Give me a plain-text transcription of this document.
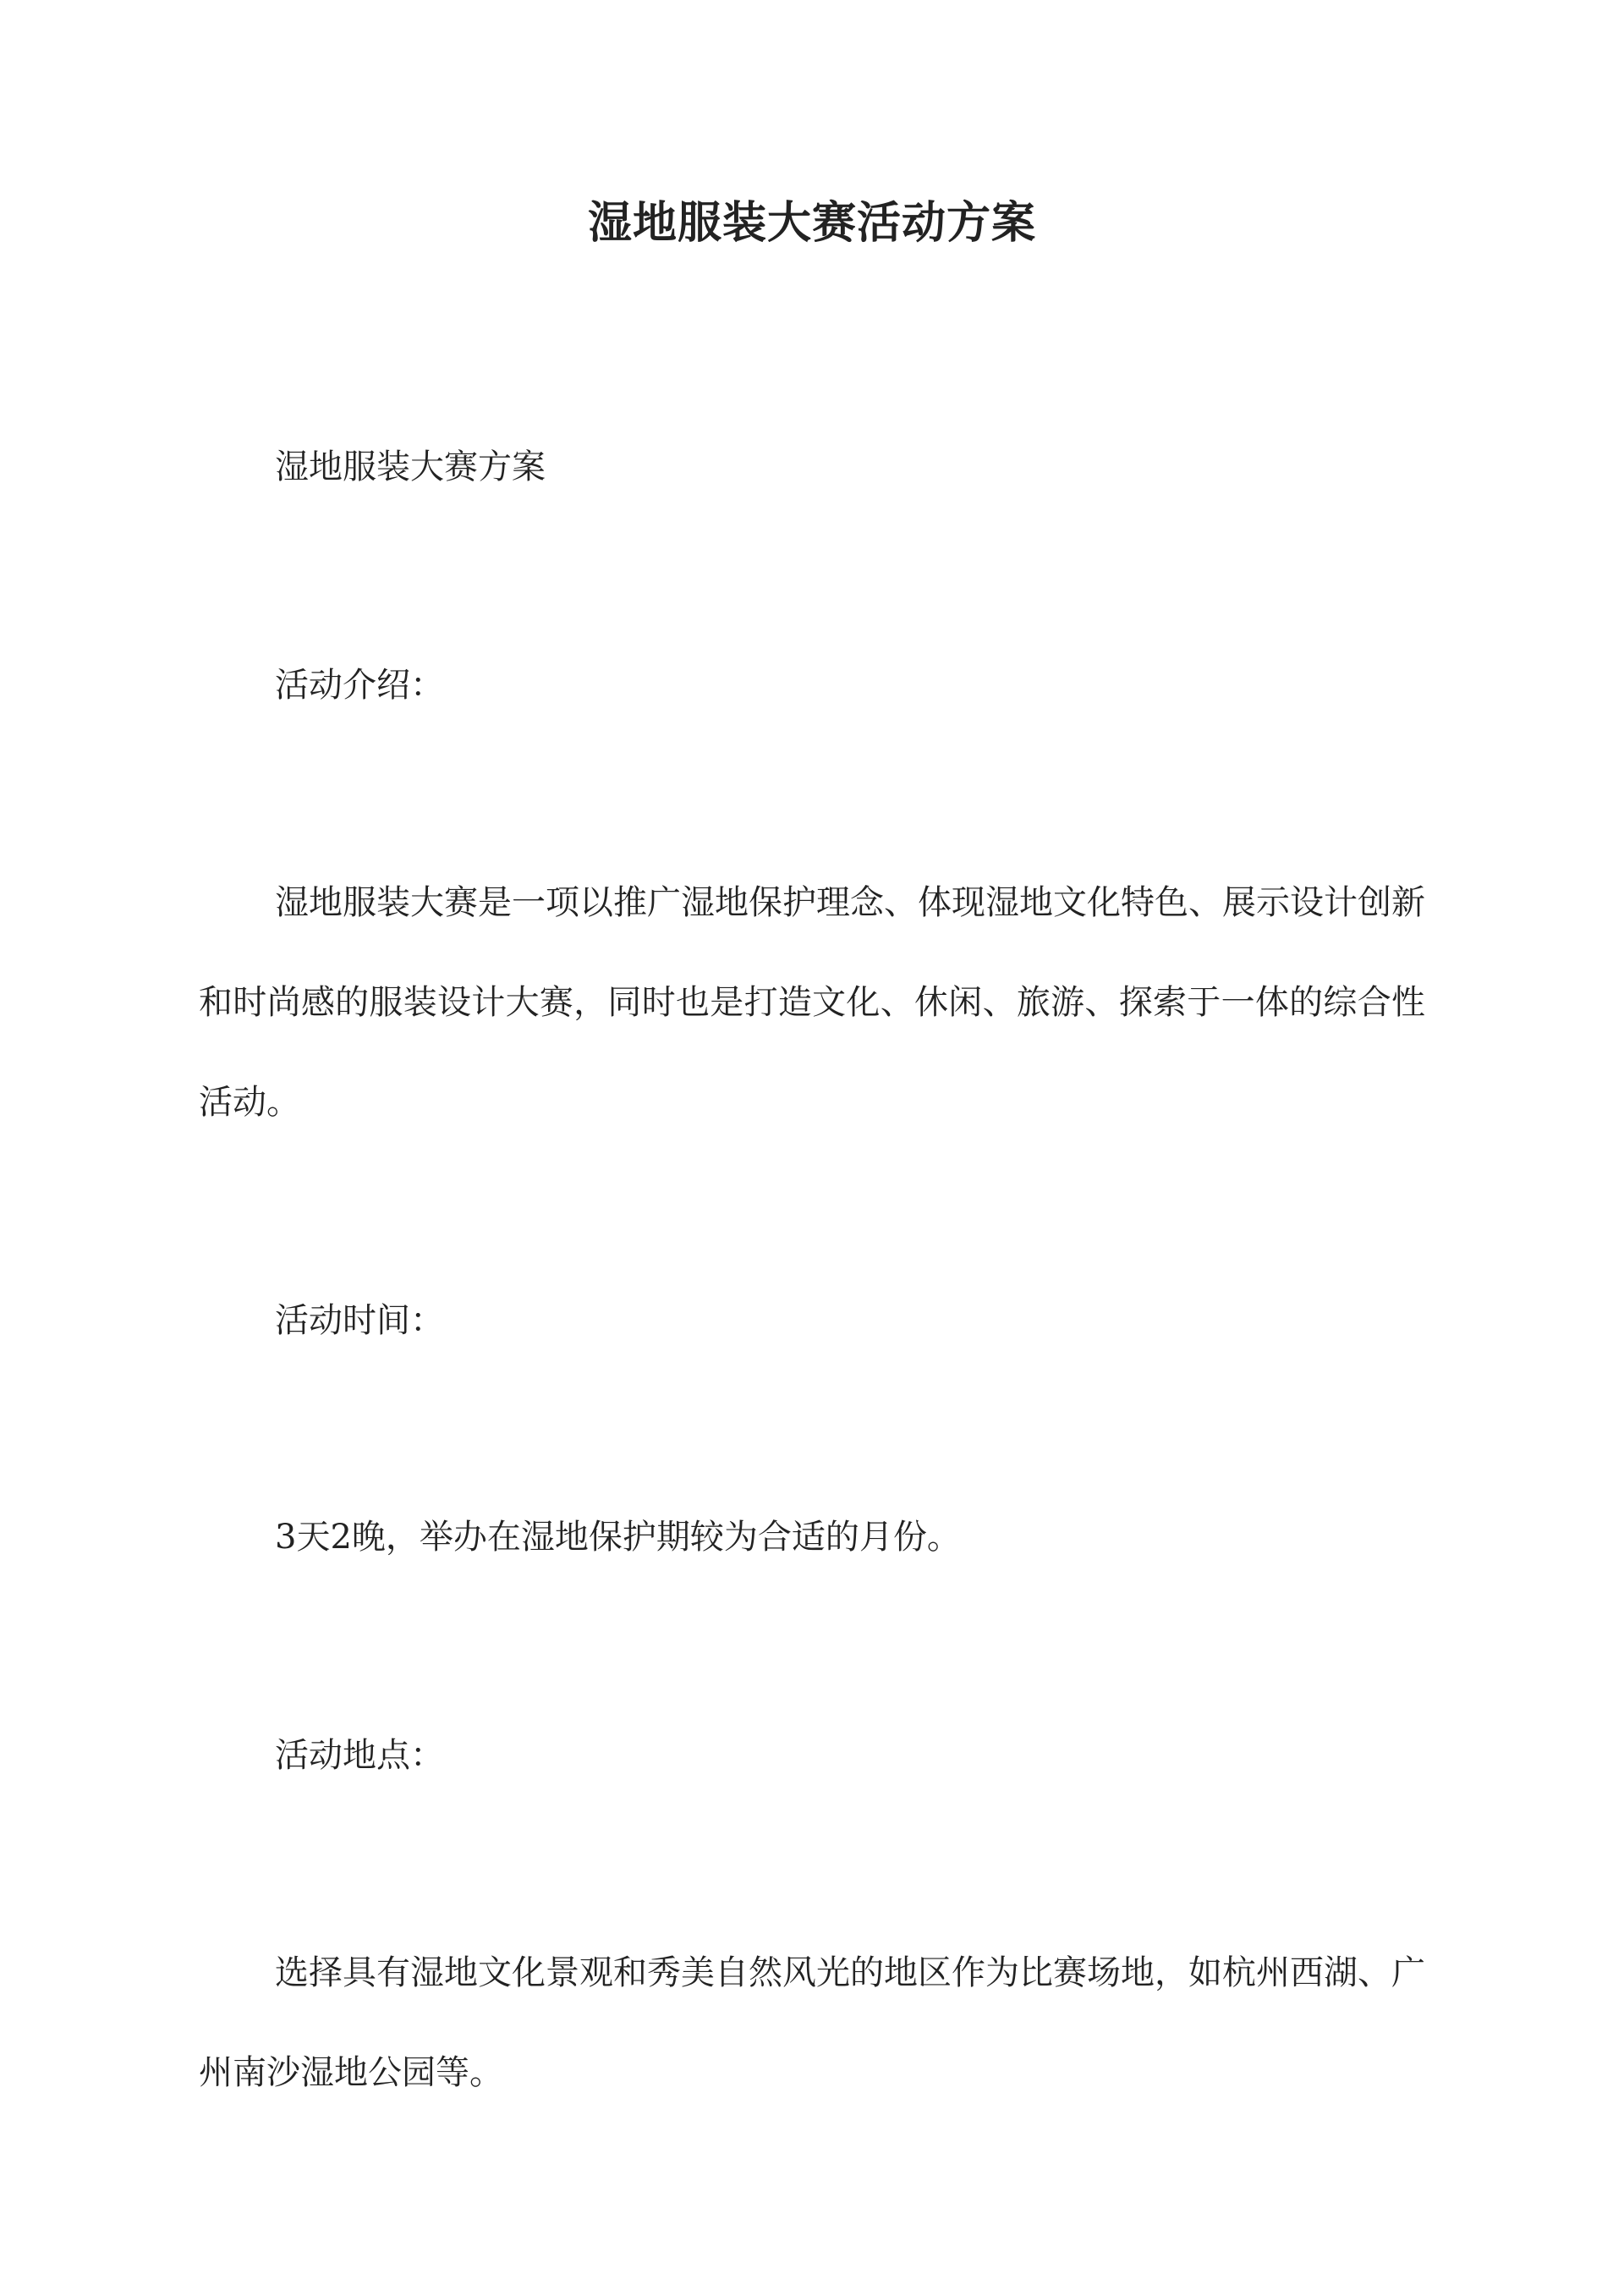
湿地服装大赛活动方案

湿地服装大赛方案

活动介绍：

湿地服装大赛是一项以推广湿地保护理念、体现湿地文化特色、展示设计创新和时尚感的服装设计大赛，同时也是打造文化、休闲、旅游、探索于一体的综合性活动。

活动时间：

3天2晚，举办在湿地保护期较为合适的月份。

活动地点：

选择具有湿地文化景观和秀美自然风光的地区作为比赛场地，如杭州西湖、广州南沙湿地公园等。
